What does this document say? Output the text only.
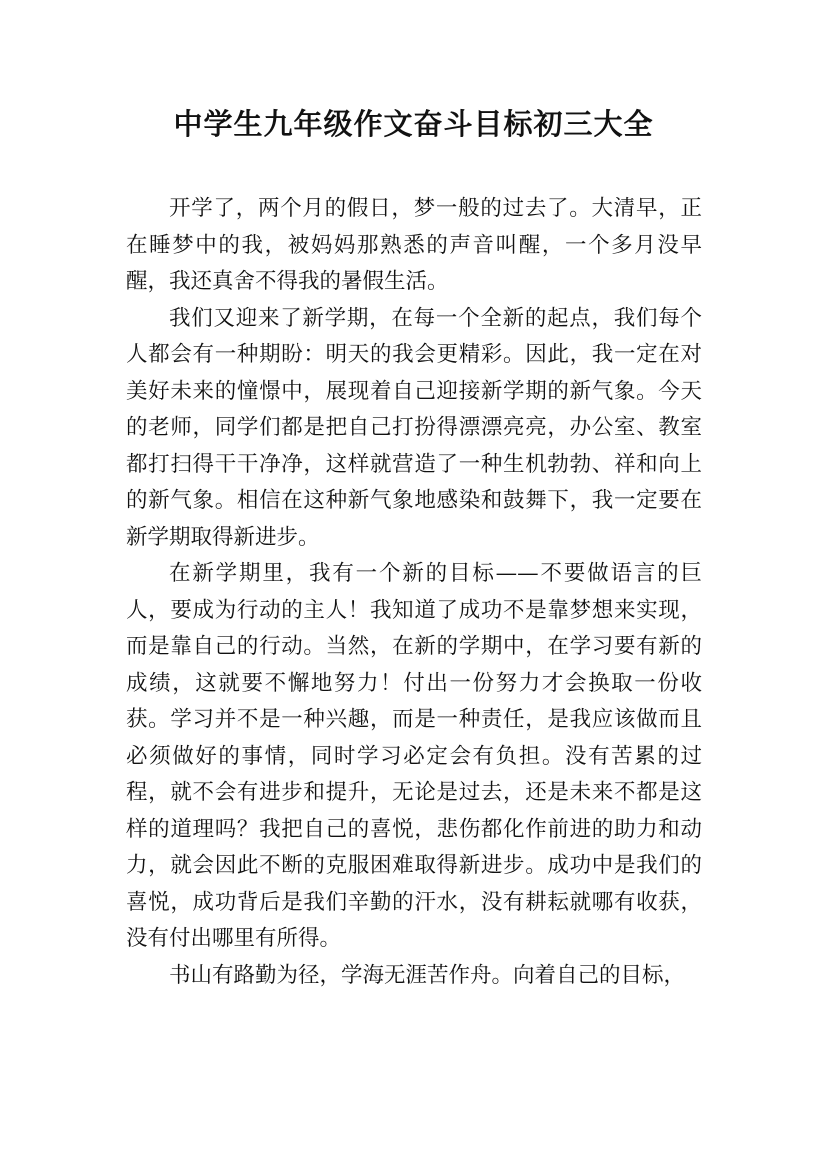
中学生九年级作文奋斗目标初三大全

开学了，两个月的假日，梦一般的过去了。大清早，正在睡梦中的我，被妈妈那熟悉的声音叫醒，一个多月没早醒，我还真舍不得我的暑假生活。

我们又迎来了新学期，在每一个全新的起点，我们每个人都会有一种期盼：明天的我会更精彩。因此，我一定在对美好未来的憧憬中，展现着自己迎接新学期的新气象。今天的老师，同学们都是把自己打扮得漂漂亮亮，办公室、教室都打扫得干干净净，这样就营造了一种生机勃勃、祥和向上的新气象。相信在这种新气象地感染和鼓舞下，我一定要在新学期取得新进步。

在新学期里，我有一个新的目标——不要做语言的巨人，要成为行动的主人！我知道了成功不是靠梦想来实现，而是靠自己的行动。当然，在新的学期中，在学习要有新的成绩，这就要不懈地努力！付出一份努力才会换取一份收获。学习并不是一种兴趣，而是一种责任，是我应该做而且必须做好的事情，同时学习必定会有负担。没有苦累的过程，就不会有进步和提升，无论是过去，还是未来不都是这样的道理吗？我把自己的喜悦，悲伤都化作前进的助力和动力，就会因此不断的克服困难取得新进步。成功中是我们的喜悦，成功背后是我们辛勤的汗水，没有耕耘就哪有收获，没有付出哪里有所得。

书山有路勤为径，学海无涯苦作舟。向着自己的目标，
